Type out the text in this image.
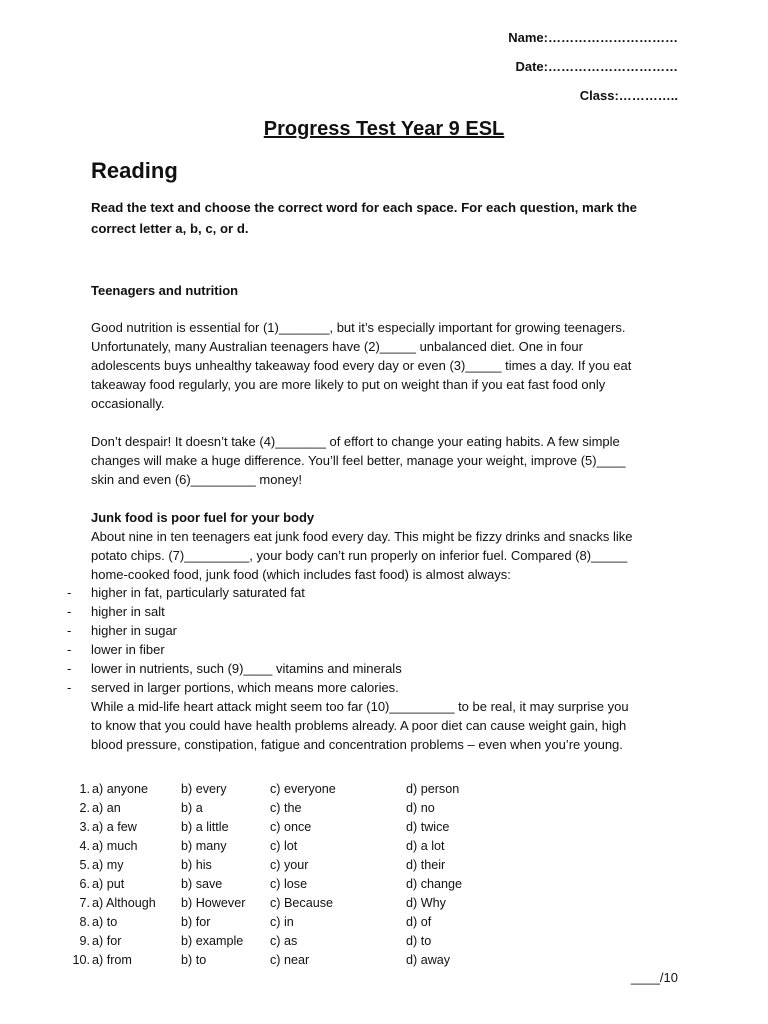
Name:…………………………
Date:…………………………
Class:…………..
Progress Test Year 9 ESL
Reading
Read the text and choose the correct word for each space. For each question, mark the
correct letter a, b, c, or d.
Teenagers and nutrition
Good nutrition is essential for (1)_______, but it’s especially important for growing teenagers.
Unfortunately, many Australian teenagers have (2)_____ unbalanced diet. One in four
adolescents buys unhealthy takeaway food every day or even (3)_____ times a day. If you eat
takeaway food regularly, you are more likely to put on weight than if you eat fast food only
occasionally.
Don’t despair! It doesn’t take (4)_______ of effort to change your eating habits. A few simple
changes will make a huge difference. You’ll feel better, manage your weight, improve (5)____
skin and even (6)_________ money!
Junk food is poor fuel for your body
About nine in ten teenagers eat junk food every day. This might be fizzy drinks and snacks like
potato chips. (7)_________, your body can’t run properly on inferior fuel. Compared (8)_____
home-cooked food, junk food (which includes fast food) is almost always:
-	higher in fat, particularly saturated fat
-	higher in salt
-	higher in sugar
-	lower in fiber
-	lower in nutrients, such (9)____ vitamins and minerals
-	served in larger portions, which means more calories.
While a mid-life heart attack might seem too far (10)_________ to be real, it may surprise you
to know that you could have health problems already. A poor diet can cause weight gain, high
blood pressure, constipation, fatigue and concentration problems – even when you’re young.
1. a) anyone	b) every	c) everyone	d) person
2. a) an	b) a	c) the	d) no
3. a) a few	b) a little	c) once	d) twice
4. a) much	b) many	c) lot	d) a lot
5. a) my	b) his	c) your	d) their
6. a) put	b) save	c) lose	d) change
7. a) Although	b) However	c) Because	d) Why
8. a) to	b) for	c) in	d) of
9. a) for	b) example	c) as	d) to
10. a) from	b) to	c) near	d) away
____/10
